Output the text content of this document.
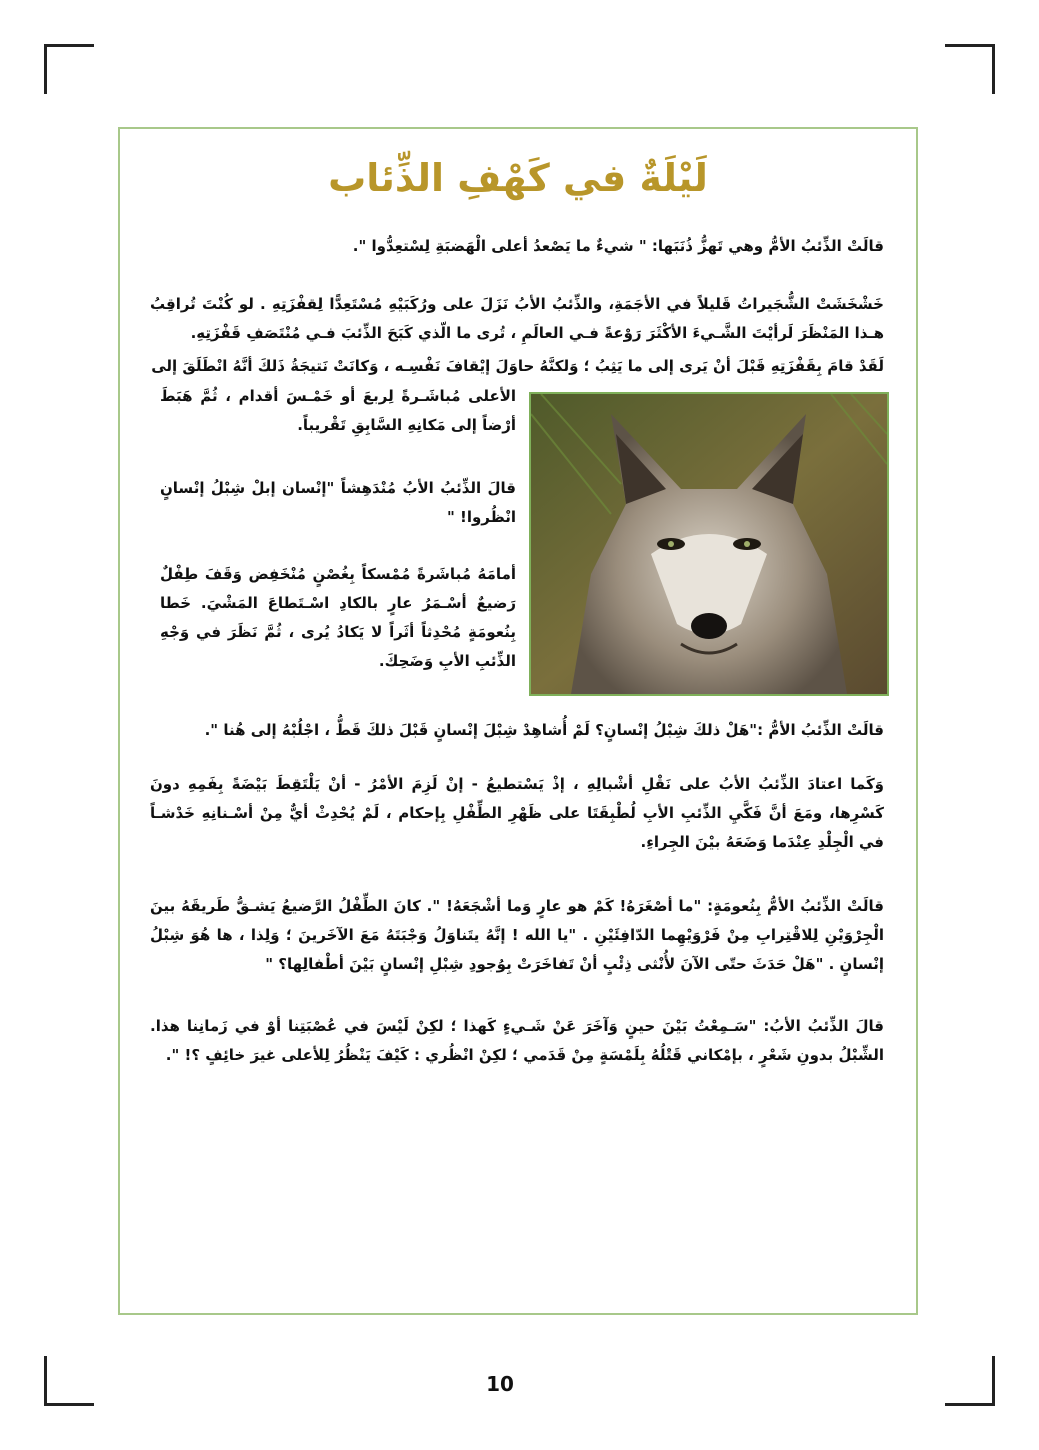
لَيْلَةٌ في كَهْفِ الذِّئاب
قالَتْ الذِّئبُ الأمُّ وهي تَهزُّ ذُنَبَها: " شيءٌ ما يَصْعدُ أعلى الْهَضبَةِ لِسْتعِدُّوا ".
خَشْخَشَتْ الشُّجَيراتُ قَليلاً في الأجَمَةِ، والذِّئبُ الأبُ نَزَلَ على ورُكَبَيْهِ مُسْتَعِدًّا لِقفْزَتِهِ . لو كُنْتَ تُراقِبُ هـذا المَنْظَرَ لَرأيْتَ الشَّـيءَ الأكْثَرَ رَوْعةً فـي العالَمِ ، تُرى ما الّذي كَبَحَ الذِّئبَ فـي مُنْتَصَفِ قَفْزَتِهِ.
لَقَدْ قامَ بِقَفْزَتِهِ قَبْلَ أنْ يَرى إلى ما يَثِبُ ؛ وَلكنَّهُ حاوَلَ إيْقافَ نَفْسِـه ، وَكانَتْ نَتيجَةُ ذَلكَ أنَّهُ انْطَلَقَ إلى
الأعلى مُباشَـرةً لِربعَ أو خَمْـسَ أقدام ، ثُمَّ هَبَطَ أرْضاً إلى مَكانِهِ السَّابِقِ تَقْريباً.
قالَ الذِّئبُ الأبُ مُنْدَهِشاً "إنْسان إبلْ شِبْلُ إنْسانٍ انْظُروا! "
أمامَهُ مُباشَرةً مُمْسكاً بِغُصْنٍ مُنْخَفِض وَقَفَ طِفْلٌ رَضيعٌ أسْـمَرُ عارٍ بالكادِ اسْـتَطاعَ المَشْيَ. خَطا بِنُعومَةٍ مُحْدِثاً أثَراً لا يَكادُ يُرى ، ثُمَّ نَظَرَ في وَجْهِ الذِّئبِ الأبِ وَضَحِكَ.
قالَتْ الذِّئبُ الأمُّ :"هَلْ ذلكَ شِبْلُ إنْسانٍ؟ لَمْ أُشاهِدْ شِبْلَ إنْسانٍ قَبْلَ ذلكَ قَطُّ ، اجْلُبْهُ إلى هُنا ".
وَكَما اعتادَ الذِّئبُ الأبُ على نَقْلِ أشْبالِهِ ، إذْ يَسْتطيعُ - إنْ لَزِمَ الأمْرُ - أنْ يَلْتَقِطَ بَيْضَةً بِفَمِهِ دونَ كَسْرِها، ومَعَ أنَّ فَكَّيِ الذِّئبِ الأبِ لُطْبِقَتَا على ظَهْرِ الطِّفْلِ بِإحكام ، لَمْ يُحْدِثْ أيٌّ مِنْ أسْـنانِهِ خَدْشـاً في الْجِلْدِ عِنْدَما وَضَعَهُ بيْنَ الجِراءِ.
قالَتْ الذِّئبُ الأمُّ بِنُعومَةٍ: "ما أصْغَرَهُ! كَمْ هو عارٍ وَما أشْجَعَهُ! ". كانَ الطِّفْلُ الرَّضيعُ يَشـقُّ طَريقَهُ بينَ الْجِرْوَيْنِ لِلاقْتِرابِ مِنْ فَرْوَيْهِما الدّافِئَيْنِ . "يا الله ! إنَّهُ يتَناوَلُ وَجْبَتَهُ مَعَ الآخَرينَ ؛ وَلِذا ، ها هُوَ شِبْلُ إنْسانٍ . "هَلْ حَدَثَ حتّى الآنَ لأُنْثى ذِئْبٍ أنْ تَفاخَرَتْ بِوُجودِ شِبْلِ إنْسانٍ بَيْنَ أطْفالِها؟ "
قالَ الذِّئبُ الأبُ: "سَـمِعْتُ بَيْنَ حينٍ وَآخَرَ عَنْ شَـيءٍ كَهذا ؛ لكِنْ لَيْسَ في عُصْبَتِنا أوْ في زَمانِنا هذا. الشِّبْلُ بدونِ شَعْرٍ ، بإمْكاني قَتْلُهُ بِلَمْسَةٍ مِنْ قَدَمي ؛ لكِنْ انْظُري : كَيْفَ يَنْظُرُ لِلأعلى غيرَ خائِفٍ ؟! ".
10
